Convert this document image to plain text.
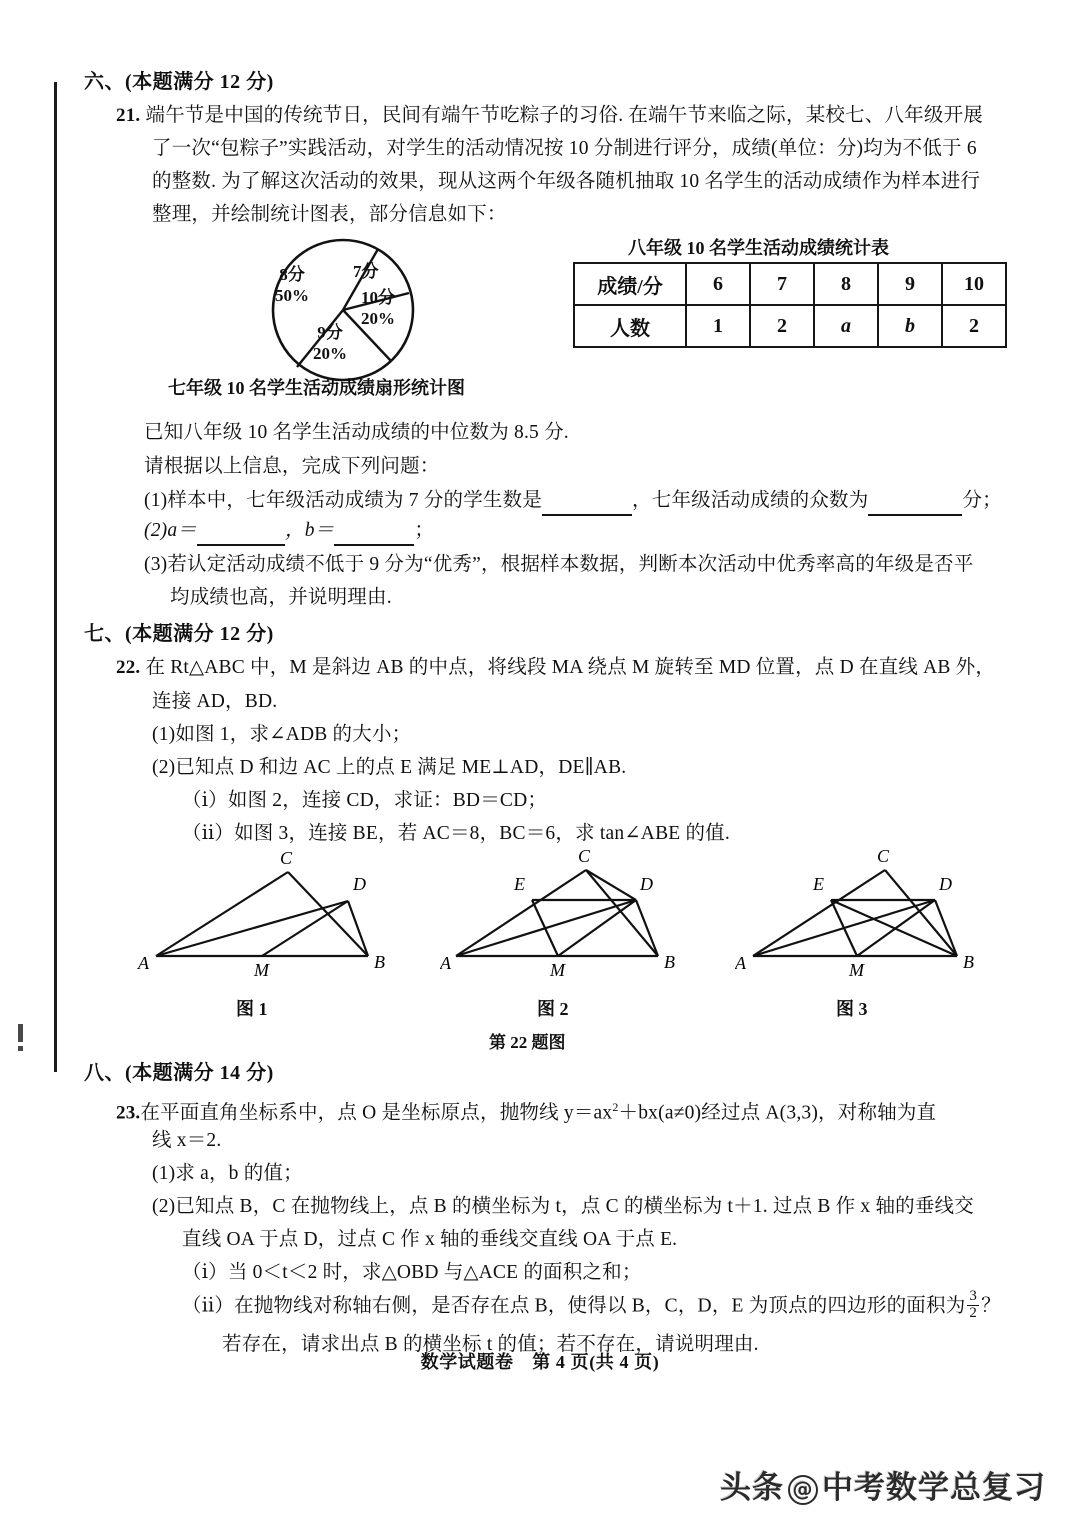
六、(本题满分 12 分)
21. 端午节是中国的传统节日，民间有端午节吃粽子的习俗. 在端午节来临之际，某校七、八年级开展
了一次“包粽子”实践活动，对学生的活动情况按 10 分制进行评分，成绩(单位：分)均为不低于 6
的整数. 为了解这次活动的效果，现从这两个年级各随机抽取 10 名学生的活动成绩作为样本进行
整理，并绘制统计图表，部分信息如下：
8分
50%
7分
10分
20%
9分
20%
七年级 10 名学生活动成绩扇形统计图
八年级 10 名学生活动成绩统计表
成绩/分	6	7	8	9	10
人数	1	2	a	b	2
已知八年级 10 名学生活动成绩的中位数为 8.5 分.
请根据以上信息，完成下列问题：
(1)样本中，七年级活动成绩为 7 分的学生数是	，七年级活动成绩的众数为	分；
(2)a＝	，b＝	；
(3)若认定活动成绩不低于 9 分为“优秀”，根据样本数据，判断本次活动中优秀率高的年级是否平
均成绩也高，并说明理由.
七、(本题满分 12 分)
22. 在 Rt△ABC 中，M 是斜边 AB 的中点，将线段 MA 绕点 M 旋转至 MD 位置，点 D 在直线 AB 外，
连接 AD，BD.
(1)如图 1，求∠ADB 的大小；
(2)已知点 D 和边 AC 上的点 E 满足 ME⊥AD，DE∥AB.
（ⅰ）如图 2，连接 CD，求证：BD＝CD；
（ⅱ）如图 3，连接 BE，若 AC＝8，BC＝6，求 tan∠ABE 的值.
C
D
A	M	B
图 1
C
D
E
A	M	B
图 2
C
D
E
A	M	B
图 3
第 22 题图
八、(本题满分 14 分)
23.在平面直角坐标系中，点 O 是坐标原点，抛物线 $y=ax^2+bx(a\ne 0)$经过点 A(3,3)，对称轴为直
线 x＝2.
(1)求 a，b 的值；
(2)已知点 B，C 在抛物线上，点 B 的横坐标为 t，点 C 的横坐标为 t＋1. 过点 B 作 x 轴的垂线交
直线 OA 于点 D，过点 C 作 x 轴的垂线交直线 OA 于点 E.
（ⅰ）当 0＜t＜2 时，求△OBD 与△ACE 的面积之和；
（ⅱ）在抛物线对称轴右侧，是否存在点 B，使得以 B，C，D，E 为顶点的四边形的面积为 $\frac{3}{2}$ ？
若存在，请求出点 B 的横坐标 t 的值；若不存在，请说明理由.
数学试题卷　第 4 页(共 4 页)
头条 @ 中考数学总复习
